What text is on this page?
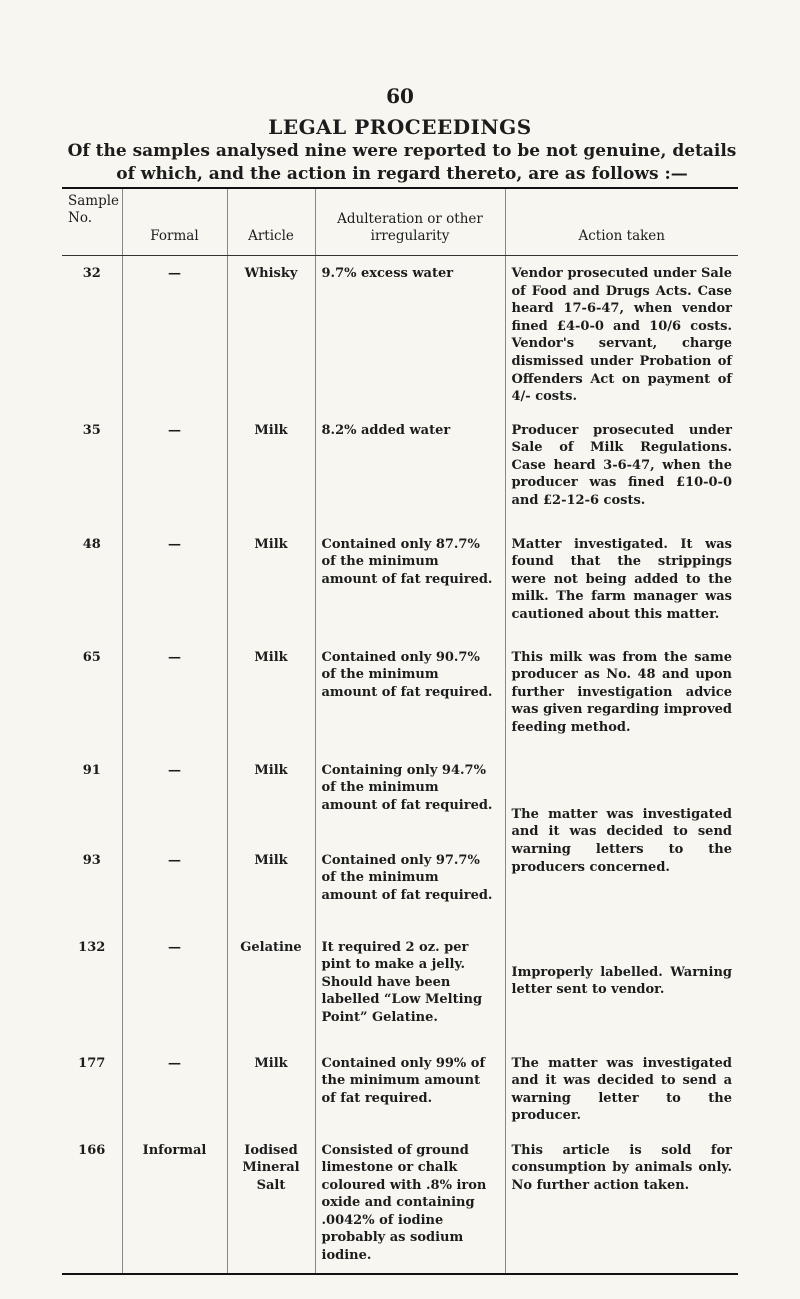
60
LEGAL PROCEEDINGS
Of the samples analysed nine were reported to be not genuine, details of which, and the action in regard thereto, are as follows :—
Sample No.	Formal	Article	Adulteration or other irregularity	Action taken
32	—	Whisky	9.7% excess water	Vendor prosecuted under Sale of Food and Drugs Acts. Case heard 17-6-47, when vendor fined £4-0-0 and 10/6 costs. Vendor's servant, charge dismissed under Probation of Offenders Act on payment of 4/- costs.
35	—	Milk	8.2% added water	Producer prosecuted under Sale of Milk Regulations. Case heard 3-6-47, when the producer was fined £10-0-0 and £2-12-6 costs.
48	—	Milk	Contained only 87.7% of the minimum amount of fat required.	Matter investigated. It was found that the strippings were not being added to the milk. The farm manager was cautioned about this matter.
65	—	Milk	Contained only 90.7% of the minimum amount of fat required.	This milk was from the same producer as No. 48 and upon further investigation advice was given regarding improved feeding method.
91	—	Milk	Containing only 94.7% of the minimum amount of fat required.	The matter was investigated and it was decided to send warning letters to the producers concerned.
93	—	Milk	Contained only 97.7% of the minimum amount of fat required.	
132	—	Gelatine	It required 2 oz. per pint to make a jelly. Should have been labelled “Low Melting Point” Gelatine.	Improperly labelled. Warning letter sent to vendor.
177	—	Milk	Contained only 99% of the minimum amount of fat required.	The matter was investigated and it was decided to send a warning letter to the producer.
166	Informal	Iodised Mineral Salt	Consisted of ground limestone or chalk coloured with .8% iron oxide and containing .0042% of iodine probably as sodium iodine.	This article is sold for consumption by animals only. No further action taken.
